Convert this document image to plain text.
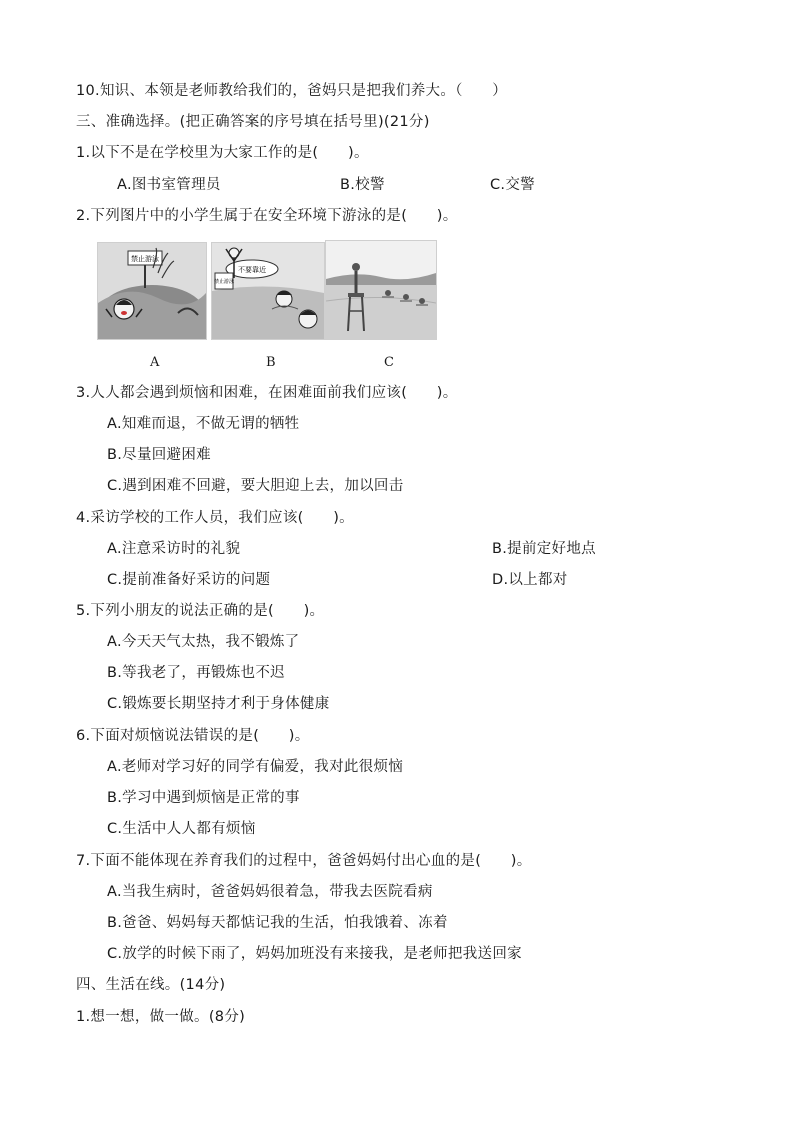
10.知识、本领是老师教给我们的，爸妈只是把我们养大。（　　）
三、准确选择。(把正确答案的序号填在括号里)(21分)
1.以下不是在学校里为大家工作的是(　　)。
A.图书室管理员	B.校警	C.交警
2.下列图片中的小学生属于在安全环境下游泳的是(　　)。
禁止游泳
A
不要靠近
禁止游泳
B	C
3.人人都会遇到烦恼和困难，在困难面前我们应该(　　)。
A.知难而退，不做无谓的牺牲
B.尽量回避困难
C.遇到困难不回避，要大胆迎上去，加以回击
4.采访学校的工作人员，我们应该(　　)。
A.注意采访时的礼貌	B.提前定好地点
C.提前准备好采访的问题	D.以上都对
5.下列小朋友的说法正确的是(　　)。
A.今天天气太热，我不锻炼了
B.等我老了，再锻炼也不迟
C.锻炼要长期坚持才利于身体健康
6.下面对烦恼说法错误的是(　　)。
A.老师对学习好的同学有偏爱，我对此很烦恼
B.学习中遇到烦恼是正常的事
C.生活中人人都有烦恼
7.下面不能体现在养育我们的过程中，爸爸妈妈付出心血的是(　　)。
A.当我生病时，爸爸妈妈很着急，带我去医院看病
B.爸爸、妈妈每天都惦记我的生活，怕我饿着、冻着
C.放学的时候下雨了，妈妈加班没有来接我，是老师把我送回家
四、生活在线。(14分)
1.想一想，做一做。(8分)
